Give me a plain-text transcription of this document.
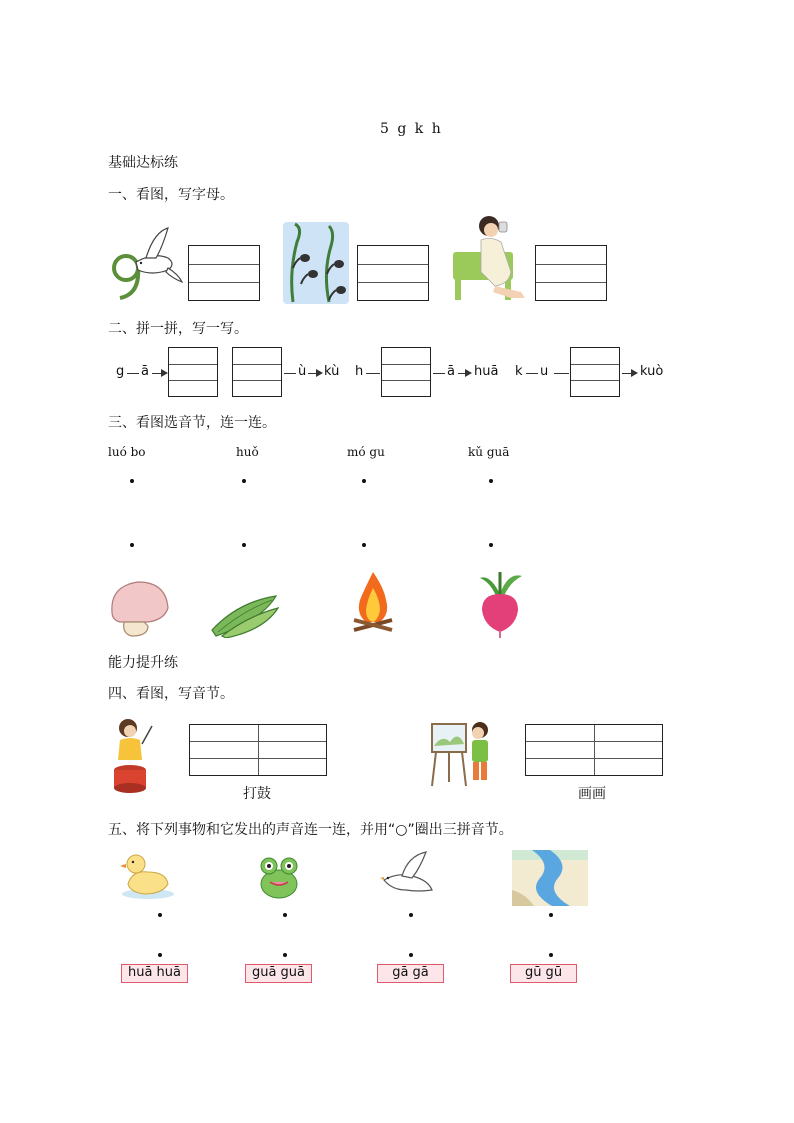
5 g k h
基础达标练
一、看图，写字母。
二、拼一拼，写一写。
g ā	ù kù h	ā huā k u	kuò
三、看图选音节，连一连。
luó bo	huǒ	mó gu	kǔ guā
能力提升练
四、看图，写音节。
打鼓	画画
五、将下列事物和它发出的声音连一连，并用“○”圈出三拼音节。
huā huā	guā guā	gā gā	gū gū
